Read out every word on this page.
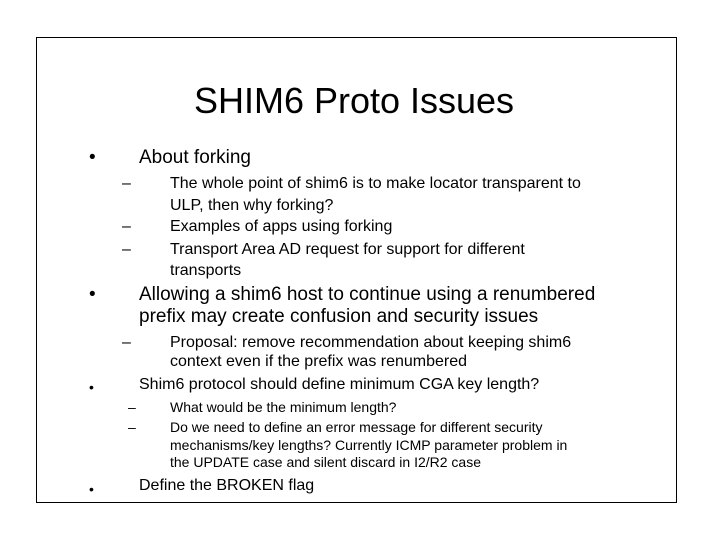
SHIM6 Proto Issues
• About forking
– The whole point of shim6 is to make locator transparent to
ULP, then why forking?
– Examples of apps using forking
– Transport Area AD request for support for different
transports
• Allowing a shim6 host to continue using a renumbered
prefix may create confusion and security issues
– Proposal: remove recommendation about keeping shim6
context even if the prefix was renumbered
•	Shim6 protocol should define minimum CGA key length?
– What would be the minimum length?
– Do we need to define an error message for different security
mechanisms/key lengths? Currently ICMP parameter problem in
the UPDATE case and silent discard in I2/R2 case
•	Define the BROKEN flag
